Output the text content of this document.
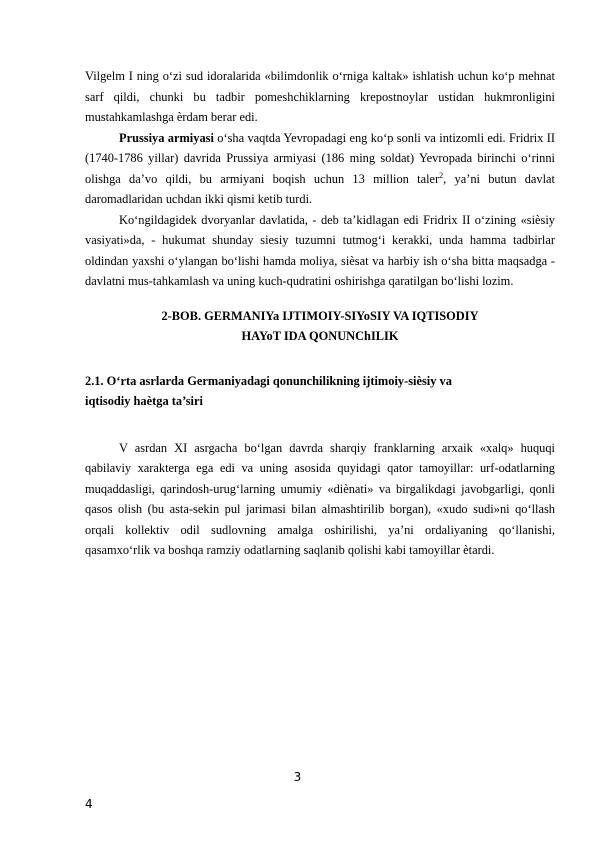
Vilgelm I ning o‘zi sud idoralarida «bilimdonlik o‘rniga kaltak» ishlatish uchun ko‘p mehnat sarf qildi, chunki bu tadbir pomeshchiklarning krepostnoylar ustidan hukmronligini mustahkamlashga ѐrdam berar edi.

Prussiya armiyasi o‘sha vaqtda Yevropadagi eng ko‘p sonli va intizomli edi. Fridrix II (1740-1786 yillar) davrida Prussiya armiyasi (186 ming soldat) Yevropada birinchi o‘rinni olishga da’vo qildi, bu armiyani boqish uchun 13 million taler$^2$, ya’ni butun davlat daromadlaridan uchdan ikki qismi ketib turdi.

Ko‘ngildagidek dvoryanlar davlatida, - deb ta’kidlagan edi Fridrix II o‘zining «siѐsiy vasiyati»da, - hukumat shunday siesiy tuzumni tutmog‘i kerakki, unda hamma tadbirlar oldindan yaxshi o‘ylangan bo‘lishi hamda moliya, siѐsat va harbiy ish o‘sha bitta maqsadga - davlatni mus-tahkamlash va uning kuch-qudratini oshirishga qaratilgan bo‘lishi lozim.

2-BOB. GERMANIYa IJTIMOIY-SIYoSIY VA IQTISODIY

HAYoT IDA QONUNChILIK

2.1. O‘rta asrlarda Germaniyadagi qonunchilikning ijtimoiy-siѐsiy va

iqtisodiy haѐtga ta’siri

V asrdan XI asrgacha bo‘lgan davrda sharqiy franklarning arxaik «xalq» huquqi qabilaviy xarakterga ega edi va uning asosida quyidagi qator tamoyillar: urf-odatlarning muqaddasligi, qarindosh-urug‘larning umumiy «diѐnati» va birgalikdagi javobgarligi, qonli qasos olish (bu asta-sekin pul jarimasi bilan almashtirilib borgan), «xudo sudi»ni qo‘llash orqali kollektiv odil sudlovning amalga oshirilishi, ya’ni ordaliyaning qo‘llanishi, qasamxo‘rlik va boshqa ramziy odatlarning saqlanib qolishi kabi tamoyillar ѐtardi.

3
4
